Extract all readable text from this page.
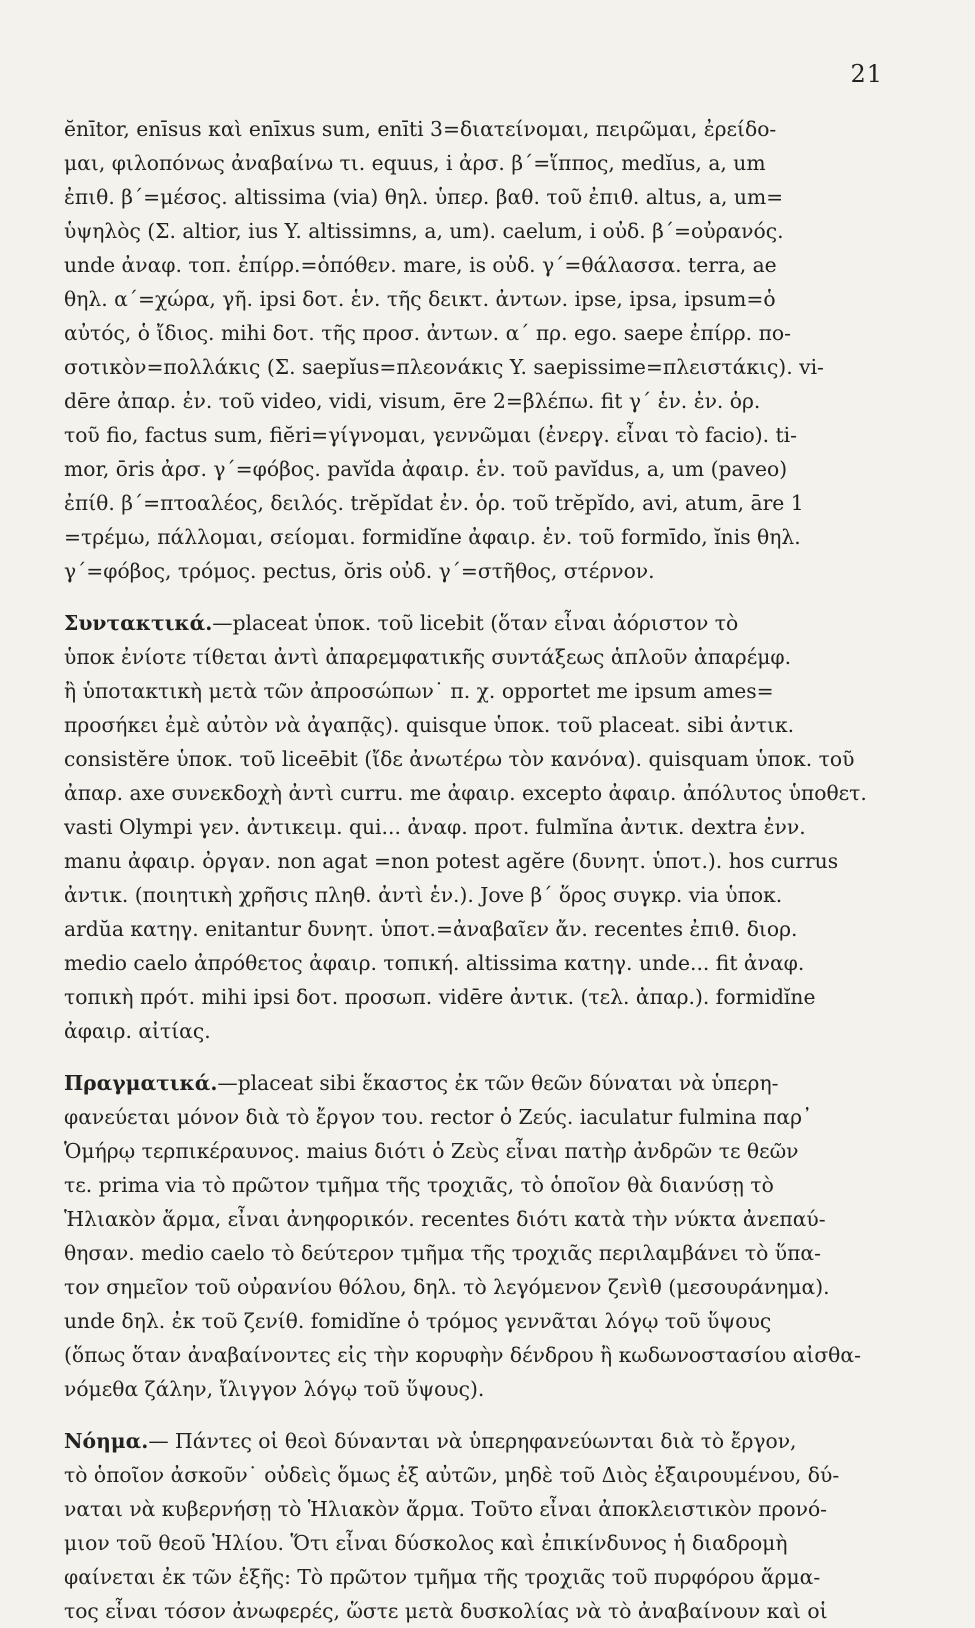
21
ĕnītor, enīsus καὶ enīxus sum, enīti 3=διατείνομαι, πειρῶμαι, ἐρείδο-
μαι, φιλοπόνως ἀναβαίνω τι. equus, i ἀρσ. β΄=ἵππος, medĭus, a, um
ἐπιθ. β΄=μέσος. altissima (via) θηλ. ὑπερ. βαθ. τοῦ ἐπιθ. altus, a, um=
ὑψηλὸς (Σ. altior, ius Y. altissimns, a, um). caelum, i οὐδ. β΄=οὐρανός.
unde ἀναφ. τοπ. ἐπίρρ.=ὁπόθεν. mare, is οὐδ. γ΄=θάλασσα. terra, ae
θηλ. α΄=χώρα, γῆ. ipsi δοτ. ἑν. τῆς δεικτ. ἀντων. ipse, ipsa, ipsum=ὁ
αὐτός, ὁ ἴδιος. mihi δοτ. τῆς προσ. ἀντων. α΄ πρ. ego. saepe ἐπίρρ. πο-
σοτικὸν=πολλάκις (Σ. saepĭus=πλεονάκις Y. saepissime=πλειστάκις). vi-
dēre ἀπαρ. ἐν. τοῦ video, vidi, visum, ēre 2=βλέπω. fit γ΄ ἑν. ἐν. ὁρ.
τοῦ fio, factus sum, fiĕri=γίγνομαι, γεννῶμαι (ἐνεργ. εἶναι τὸ facio). ti-
mor, ōris ἀρσ. γ΄=φόβος. pavĭda ἀφαιρ. ἑν. τοῦ pavĭdus, a, um (paveo)
ἐπίθ. β΄=πτοαλέος, δειλός. trĕpĭdat ἐν. ὁρ. τοῦ trĕpĭdo, avi, atum, āre 1
=τρέμω, πάλλομαι, σείομαι. formidĭne ἀφαιρ. ἑν. τοῦ formīdo, ĭnis θηλ.
γ΄=φόβος, τρόμος. pectus, ŏris οὐδ. γ΄=στῆθος, στέρνον.
Συντακτικά.—placeat ὑποκ. τοῦ licebit (ὅταν εἶναι ἀόριστον τὸ
ὑποκ ἐνίοτε τίθεται ἀντὶ ἀπαρεμφατικῆς συντάξεως ἁπλοῦν ἀπαρέμφ.
ἢ ὑποτακτικὴ μετὰ τῶν ἀπροσώπων˙ π. χ. opportet me ipsum ames=
προσήκει ἐμὲ αὐτὸν νὰ ἀγαπᾷς). quisque ὑποκ. τοῦ placeat. sibi ἀντικ.
consistĕre ὑποκ. τοῦ liceēbit (ἴδε ἀνωτέρω τὸν κανόνα). quisquam ὑποκ. τοῦ
ἀπαρ. axe συνεκδοχὴ ἀντὶ curru. me ἀφαιρ. excepto ἀφαιρ. ἀπόλυτος ὑποθετ.
vasti Olympi γεν. ἀντικειμ. qui... ἀναφ. προτ. fulmĭna ἀντικ. dextra ἐνν.
manu ἀφαιρ. ὀργαν. non agat =non potest agĕre (δυνητ. ὑποτ.). hos currus
ἀντικ. (ποιητικὴ χρῆσις πληθ. ἀντὶ ἑν.). Jove β΄ ὅρος συγκρ. via ὑποκ.
ardŭa κατηγ. enitantur δυνητ. ὑποτ.=ἀναβαῖεν ἄν. recentes ἐπιθ. διορ.
medio caelo ἀπρόθετος ἀφαιρ. τοπική. altissima κατηγ. unde... fit ἀναφ.
τοπικὴ πρότ. mihi ipsi δοτ. προσωπ. vidēre ἀντικ. (τελ. ἀπαρ.). formidĭne
ἀφαιρ. αἰτίας.
Πραγματικά.—placeat sibi ἕκαστος ἐκ τῶν θεῶν δύναται νὰ ὑπερη-
φανεύεται μόνον διὰ τὸ ἔργον του. rector ὁ Ζεύς. iaculatur fulmina παρ᾿
Ὁμήρῳ τερπικέραυνος. maius διότι ὁ Ζεὺς εἶναι πατὴρ ἀνδρῶν τε θεῶν
τε. prima via τὸ πρῶτον τμῆμα τῆς τροχιᾶς, τὸ ὁποῖον θὰ διανύσῃ τὸ
Ἡλιακὸν ἅρμα, εἶναι ἀνηφορικόν. recentes διότι κατὰ τὴν νύκτα ἀνεπαύ-
θησαν. medio caelo τὸ δεύτερον τμῆμα τῆς τροχιᾶς περιλαμβάνει τὸ ὕπα-
τον σημεῖον τοῦ οὐρανίου θόλου, δηλ. τὸ λεγόμενον ζενὶθ (μεσουράνημα).
unde δηλ. ἐκ τοῦ ζενίθ. fomidĭne ὁ τρόμος γεννᾶται λόγῳ τοῦ ὕψους
(ὅπως ὅταν ἀναβαίνοντες εἰς τὴν κορυφὴν δένδρου ἢ κωδωνοστασίου αἰσθα-
νόμεθα ζάλην, ἴλιγγον λόγῳ τοῦ ὕψους).
Νόημα.— Πάντες οἱ θεοὶ δύνανται νὰ ὑπερηφανεύωνται διὰ τὸ ἔργον,
τὸ ὁποῖον ἀσκοῦν˙ οὐδεὶς ὅμως ἐξ αὐτῶν, μηδὲ τοῦ Διὸς ἐξαιρουμένου, δύ-
ναται νὰ κυβερνήσῃ τὸ Ἡλιακὸν ἅρμα. Τοῦτο εἶναι ἀποκλειστικὸν προνό-
μιον τοῦ θεοῦ Ἡλίου. Ὅτι εἶναι δύσκολος καὶ ἐπικίνδυνος ἡ διαδρομὴ
φαίνεται ἐκ τῶν ἑξῆς: Τὸ πρῶτον τμῆμα τῆς τροχιᾶς τοῦ πυρφόρου ἅρμα-
τος εἶναι τόσον ἀνωφερές, ὥστε μετὰ δυσκολίας νὰ τὸ ἀναβαίνουν καὶ οἱ
